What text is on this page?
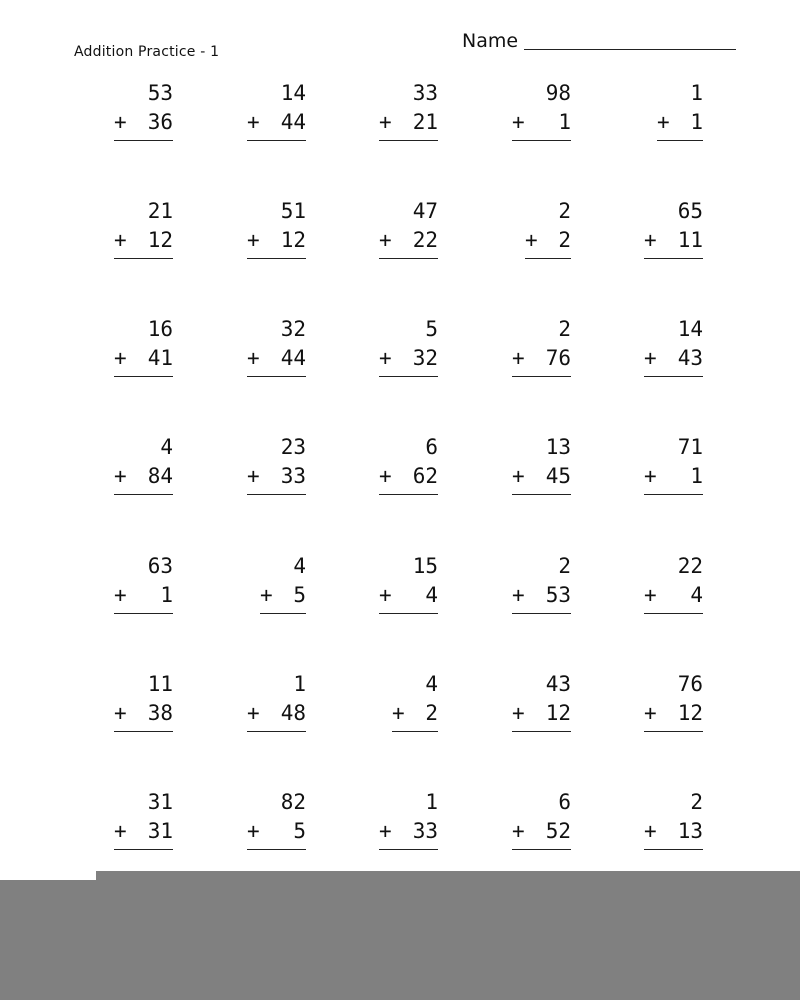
Addition Practice - 1	Name
53
+ 36
14
+ 44
33
+ 21
98
+ 1
1
+ 1
21
+ 12
51
+ 12
47
+ 22
2
+ 2
65
+ 11
16
+ 41
32
+ 44
5
+ 32
2
+ 76
14
+ 43
4
+ 84
23
+ 33
6
+ 62
13
+ 45
71
+ 1
63
+ 1
4
+ 5
15
+ 4
2
+ 53
22
+ 4
11
+ 38
1
+ 48
4
+ 2
43
+ 12
76
+ 12
31
+ 31
82
+ 5
1
+ 33
6
+ 52
2
+ 13
